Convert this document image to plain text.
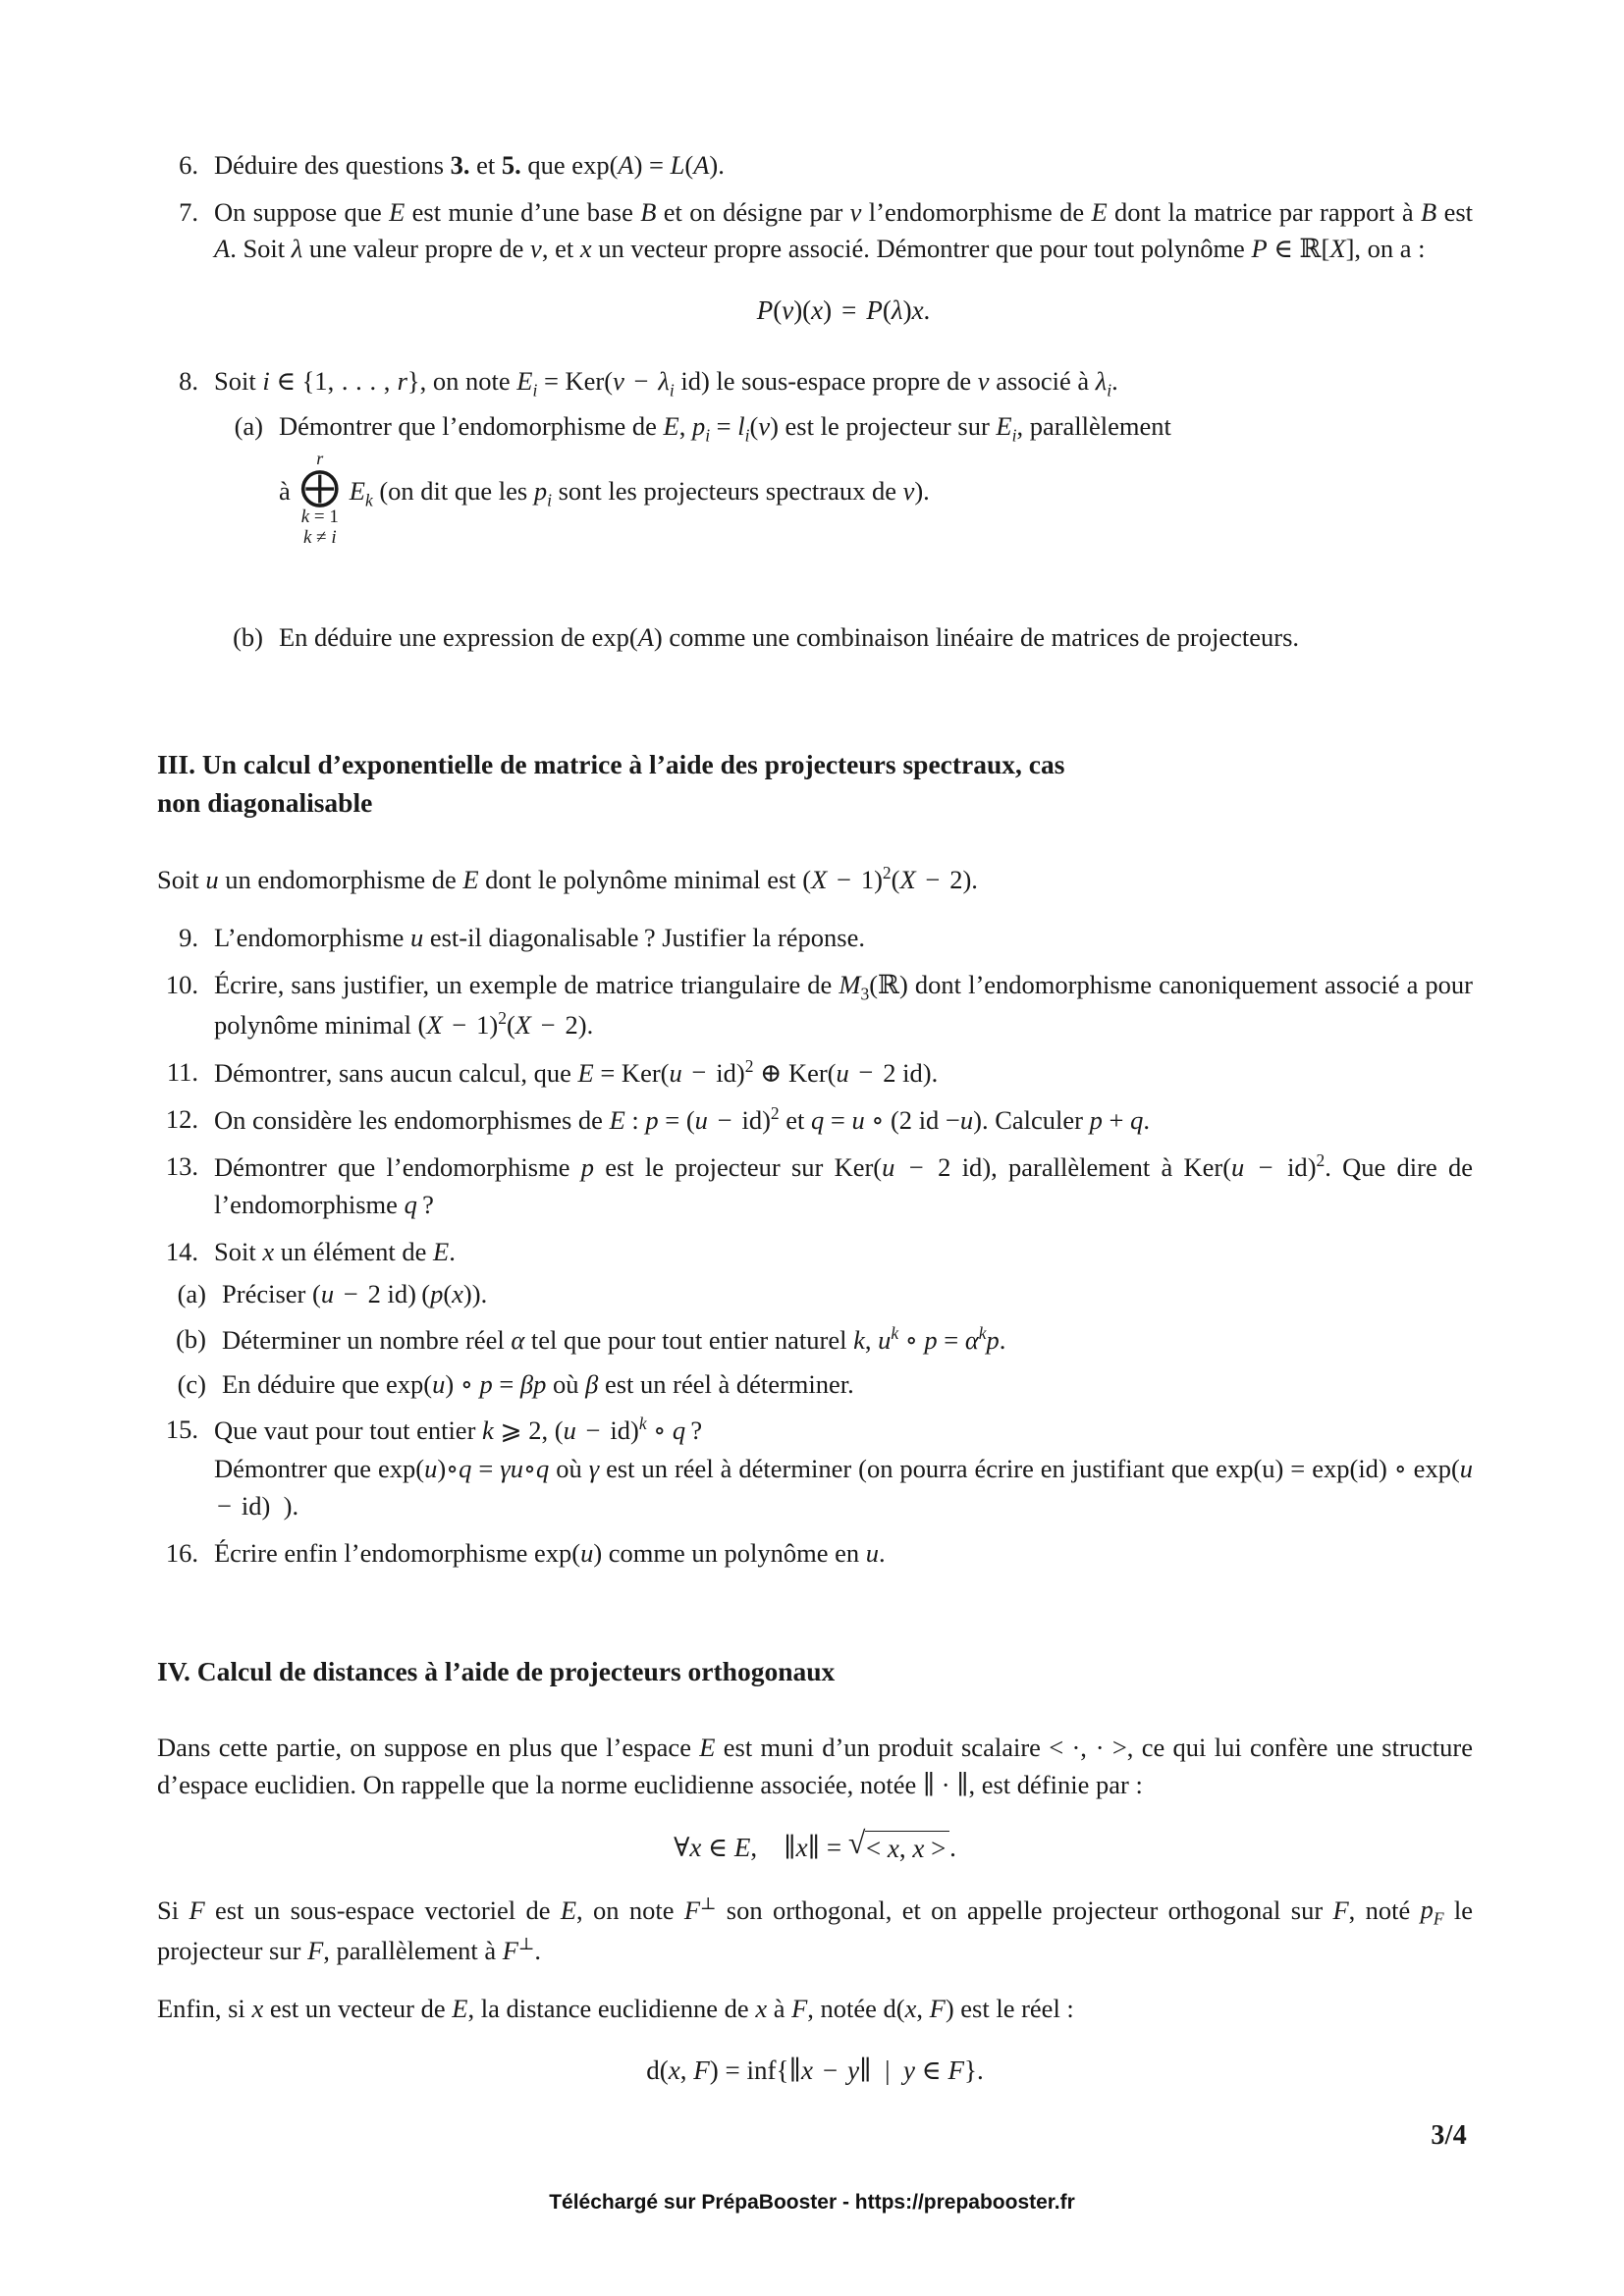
6. Déduire des questions 3. et 5. que exp(A) = L(A).
7. On suppose que E est munie d’une base B et on désigne par v l’endomorphisme de E dont la matrice par rapport à B est A. Soit λ une valeur propre de v, et x un vecteur propre associé. Démontrer que pour tout polynôme P ∈ ℝ[X], on a :
P(v)(x) = P(λ)x.
8. Soit i ∈ {1, . . . , r}, on note $E_i = Ker(v - \lambda_i$ id) le sous-espace propre de v associé à $\lambda_i$.
(a) Démontrer que l’endomorphisme de E, $p_i = l_i(v)$ est le projecteur sur $E_i$, parallèlement
à
r
⨁
k = 1
k ≠ i
$E_k$ (on dit que les $p_i$ sont les projecteurs spectraux de v).
(b) En déduire une expression de exp(A) comme une combinaison linéaire de matrices de projecteurs.
III. Un calcul d’exponentielle de matrice à l’aide des projecteurs spectraux, cas
non diagonalisable
Soit u un endomorphisme de E dont le polynôme minimal est $(X - 1)^2(X - 2)$.
9. L’endomorphisme u est-il diagonalisable ? Justifier la réponse.
10. Écrire, sans justifier, un exemple de matrice triangulaire de $M_3(ℝ)$ dont l’endomorphisme canoniquement associé a pour polynôme minimal $(X - 1)^2(X - 2)$.
11. Démontrer, sans aucun calcul, que E = Ker(u − id)$^2$ ⊕ Ker(u − 2 id).
12. On considère les endomorphismes de E : p = (u − id)$^2$ et q = u ∘ (2 id −u). Calculer p + q.
13. Démontrer que l’endomorphisme p est le projecteur sur Ker(u − 2 id), parallèlement à Ker(u − id)$^2$. Que dire de l’endomorphisme q ?
14. Soit x un élément de E.
(a) Préciser (u − 2 id) (p(x)).
(b) Déterminer un nombre réel α tel que pour tout entier naturel k, $u^k$ ∘ $p = \alpha^kp$.
(c) En déduire que exp(u) ∘ p = βp où β est un réel à déterminer.
15. Que vaut pour tout entier k ⩾ 2, (u − id)$^k$ ∘ q ?
Démontrer que exp(u)∘q = γu∘q où γ est un réel à déterminer (on pourra écrire en justifiant que exp(u) = exp(id) ∘ exp(u − id)  ).
16. Écrire enfin l’endomorphisme exp(u) comme un polynôme en u.
IV. Calcul de distances à l’aide de projecteurs orthogonaux
Dans cette partie, on suppose en plus que l’espace E est muni d’un produit scalaire < ·, · >, ce qui lui confère une structure d’espace euclidien. On rappelle que la norme euclidienne associée, notée ∥ · ∥, est définie par :
∀x ∈ E,    ∥x∥ = √ < x, x > .
Si F est un sous-espace vectoriel de E, on note F⊥ son orthogonal, et on appelle projecteur orthogonal sur F, noté $p_F$ le projecteur sur F, parallèlement à F⊥.
Enfin, si x est un vecteur de E, la distance euclidienne de x à F, notée d(x, F) est le réel :
d(x, F) = inf{∥x − y∥  |  y ∈ F}.
3/4
Téléchargé sur PrépaBooster - https://prepabooster.fr
